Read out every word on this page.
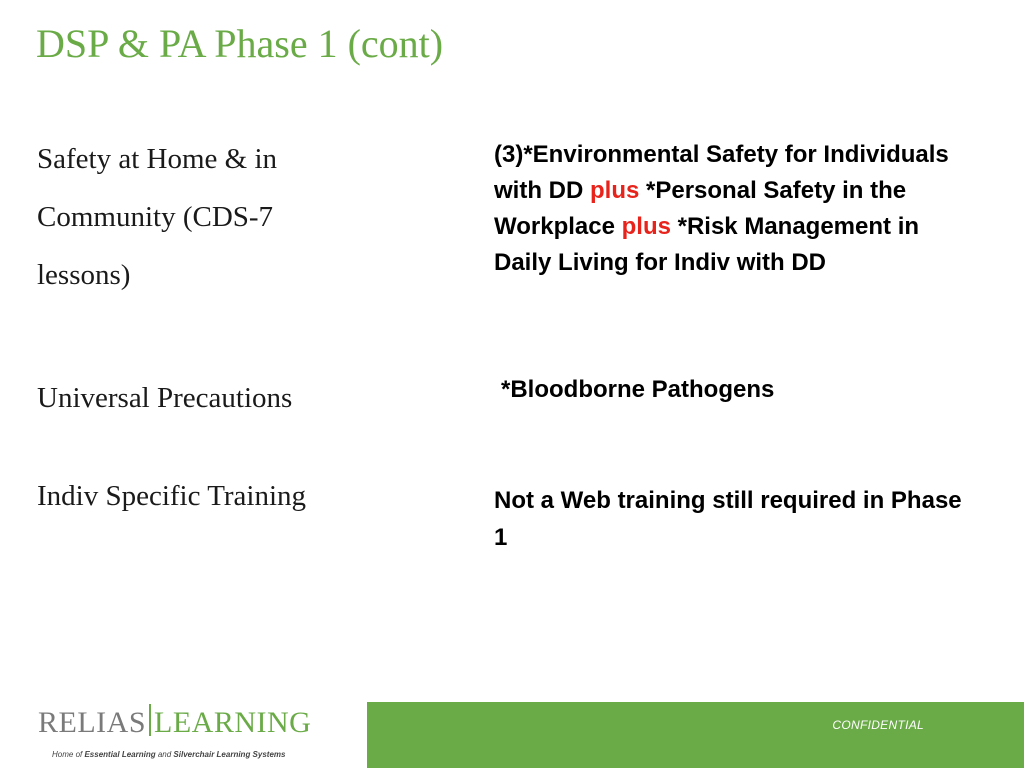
DSP & PA Phase 1 (cont)
Safety at Home & in
Community (CDS-7
lessons)
Universal Precautions
Indiv Specific Training
(3)*Environmental Safety for Individuals with DD plus *Personal Safety in the Workplace plus *Risk Management in Daily Living for Indiv with DD
*Bloodborne Pathogens
Not a Web training still required in Phase 1
RELIAS LEARNING
Home of Essential Learning and Silverchair Learning Systems
CONFIDENTIAL
